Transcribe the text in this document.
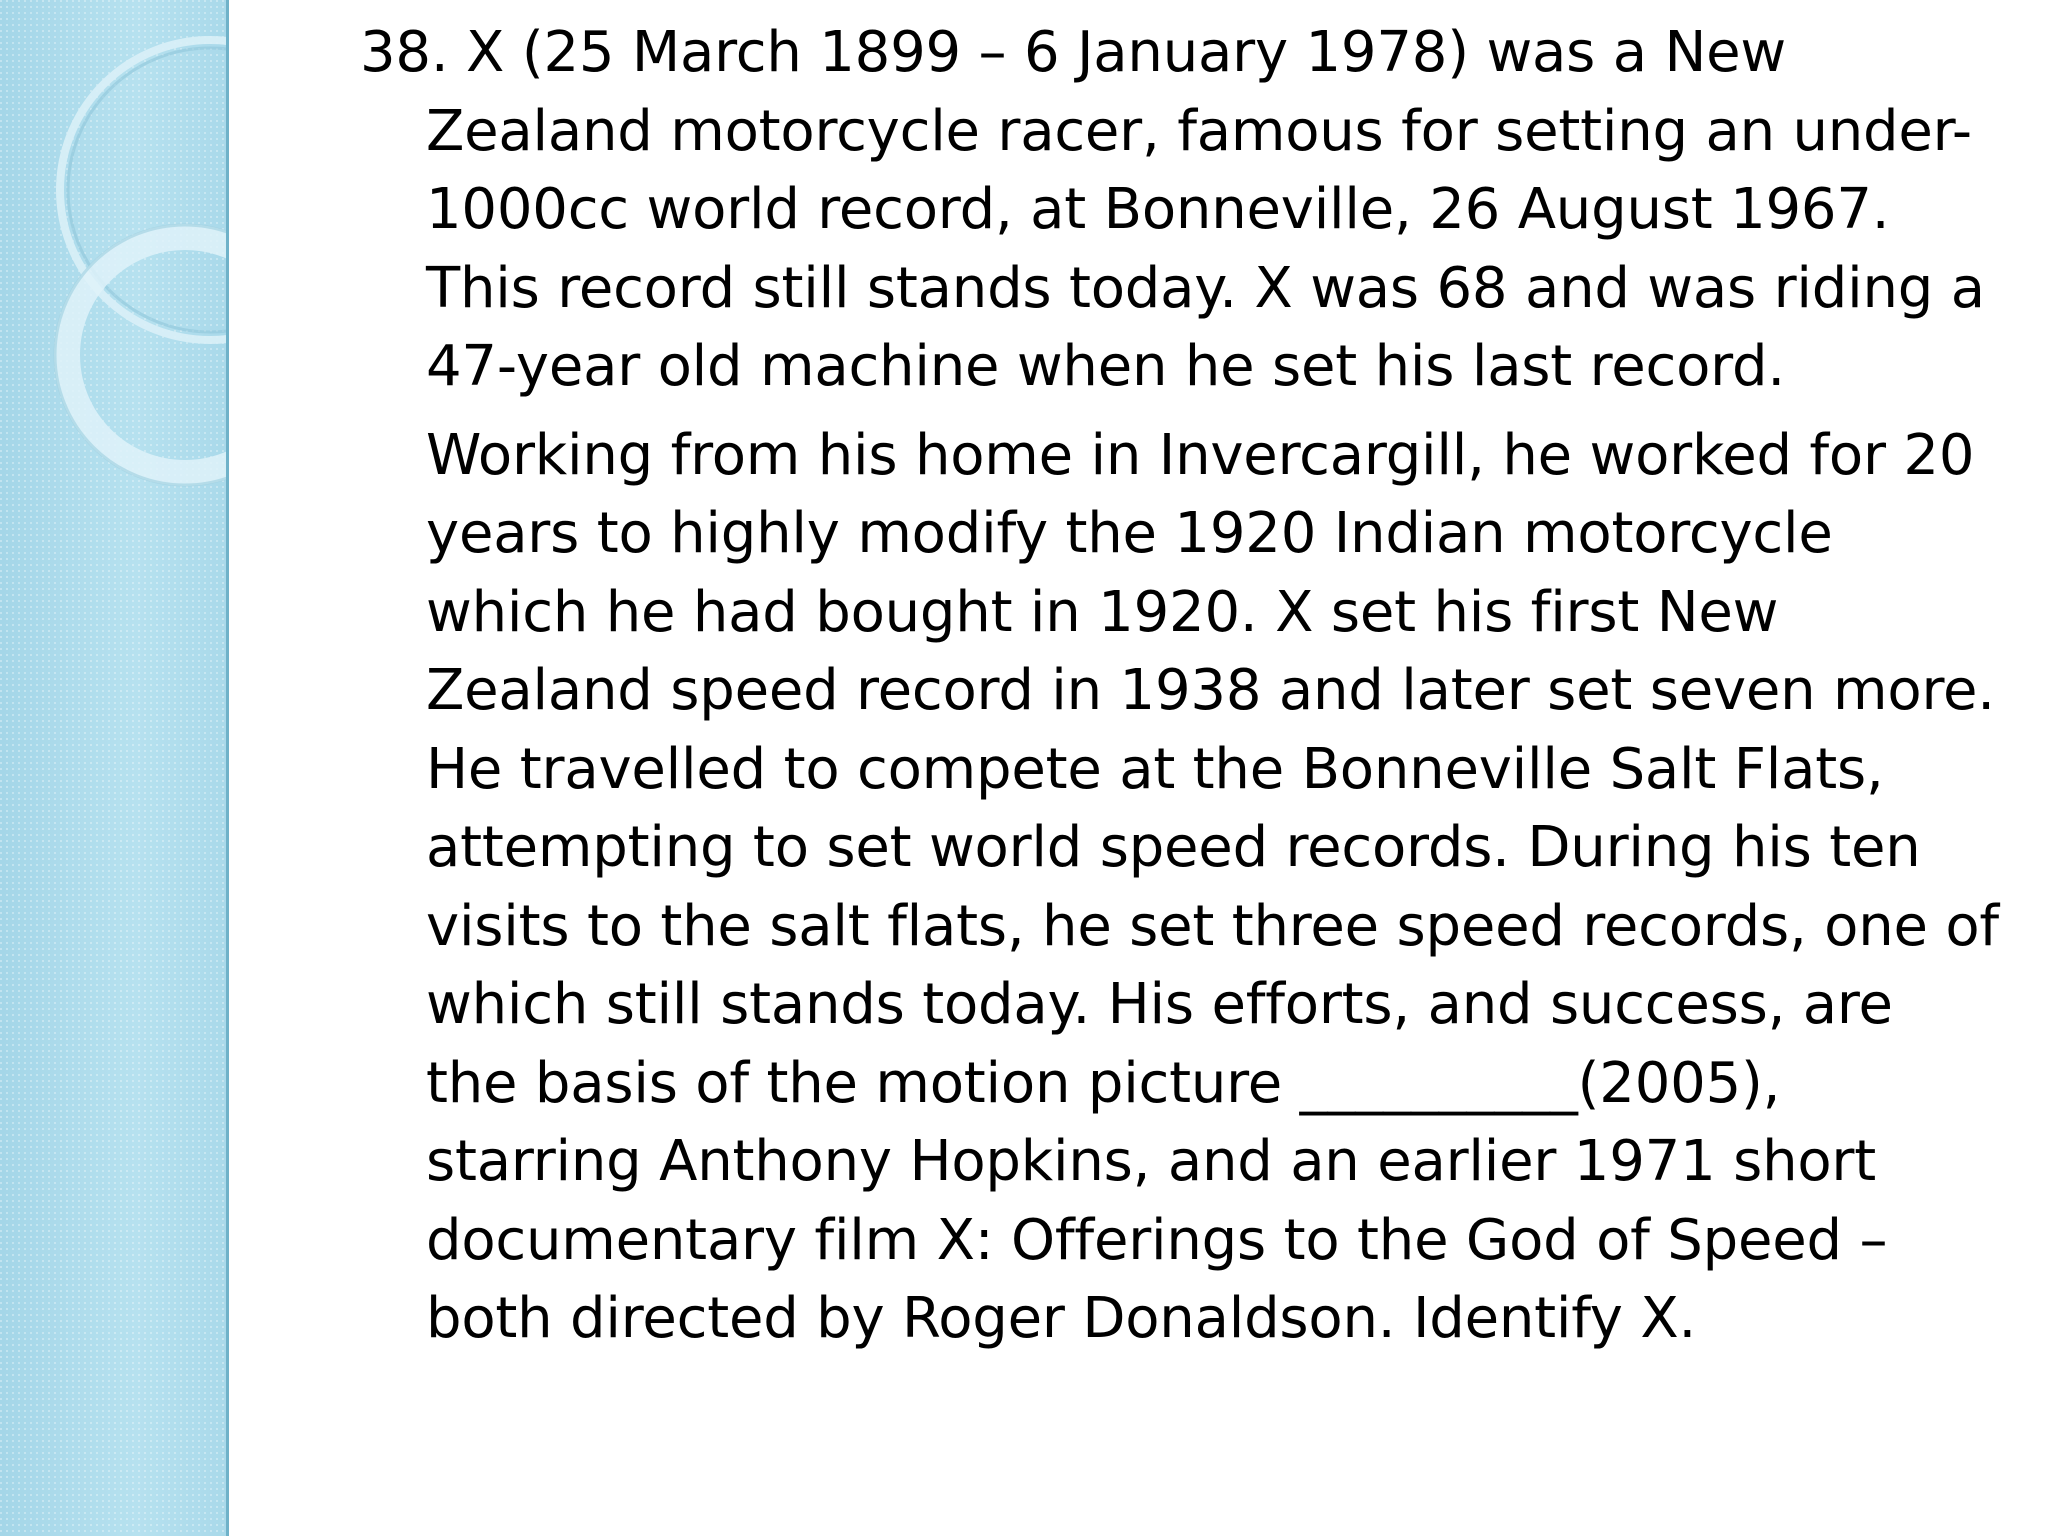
38. X (25 March 1899 – 6 January 1978) was a New Zealand motorcycle racer, famous for setting an under-1000cc world record, at Bonneville, 26 August 1967. This record still stands today. X was 68 and was riding a 47-year old machine when he set his last record.

Working from his home in Invercargill, he worked for 20 years to highly modify the 1920 Indian motorcycle which he had bought in 1920. X set his first New Zealand speed record in 1938 and later set seven more. He travelled to compete at the Bonneville Salt Flats, attempting to set world speed records. During his ten visits to the salt flats, he set three speed records, one of which still stands today. His efforts, and success, are the basis of the motion picture __________(2005), starring Anthony Hopkins, and an earlier 1971 short documentary film X: Offerings to the God of Speed – both directed by Roger Donaldson. Identify X.
